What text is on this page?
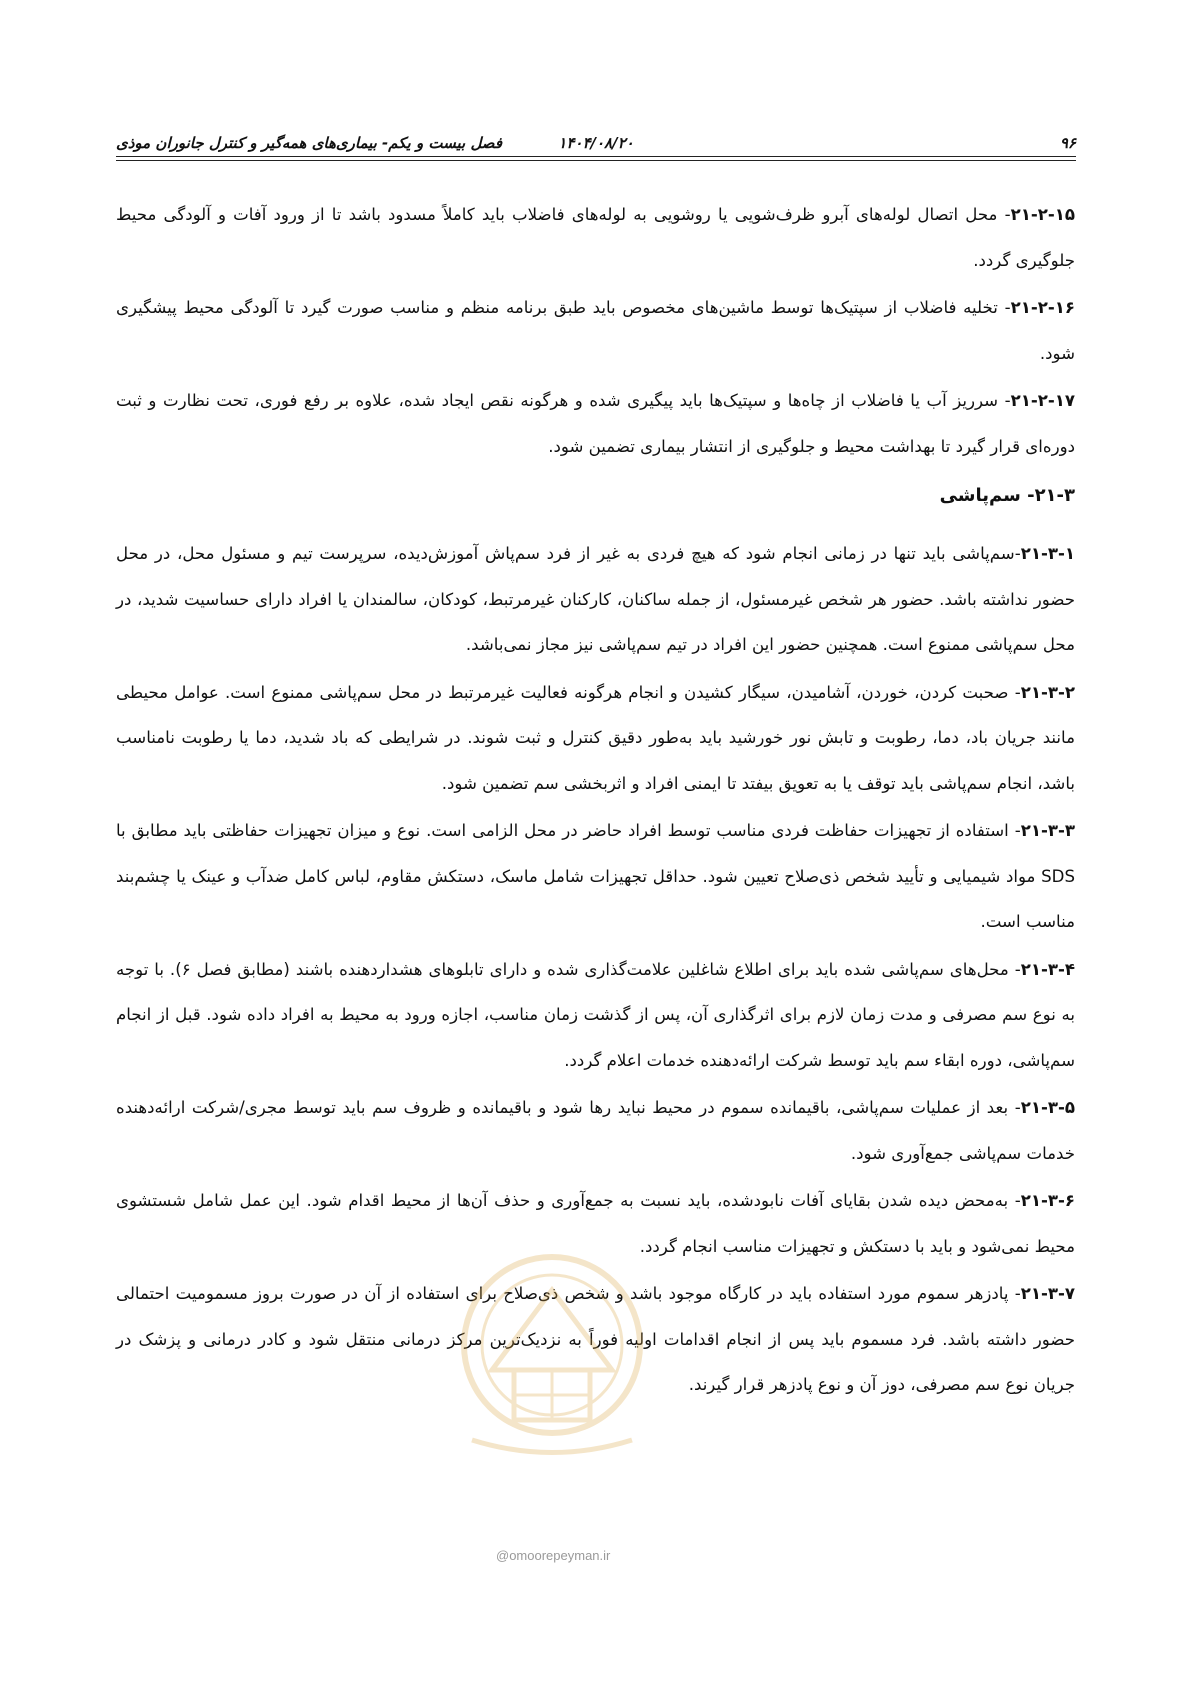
۹۶
۱۴۰۴/۰۸/۲۰
فصل بیست و یکم- بیماری‌های همه‌گیر و کنترل جانوران موذی

۲۱-۲-۱۵- محل اتصال لوله‌های آبرو ظرف‌شویی یا روشویی به لوله‌های فاضلاب باید کاملاً مسدود باشد تا از ورود آفات و آلودگی محیط جلوگیری گردد.

۲۱-۲-۱۶- تخلیه فاضلاب از سپتیک‌ها توسط ماشین‌های مخصوص باید طبق برنامه منظم و مناسب صورت گیرد تا آلودگی محیط پیشگیری شود.

۲۱-۲-۱۷- سرریز آب یا فاضلاب از چاه‌ها و سپتیک‌ها باید پیگیری شده و هرگونه نقص ایجاد شده، علاوه بر رفع فوری، تحت نظارت و ثبت دوره‌ای قرار گیرد تا بهداشت محیط و جلوگیری از انتشار بیماری تضمین شود.

۲۱-۳- سم‌پاشی

۲۱-۳-۱-سم‌پاشی باید تنها در زمانی انجام شود که هیچ فردی به غیر از فرد سم‌پاش آموزش‌دیده، سرپرست تیم و مسئول محل، در محل حضور نداشته باشد. حضور هر شخص غیرمسئول، از جمله ساکنان، کارکنان غیرمرتبط، کودکان، سالمندان یا افراد دارای حساسیت شدید، در محل سم‌پاشی ممنوع است. همچنین حضور این افراد در تیم سم‌پاشی نیز مجاز نمی‌باشد.

۲۱-۳-۲- صحبت کردن، خوردن، آشامیدن، سیگار کشیدن و انجام هرگونه فعالیت غیرمرتبط در محل سم‌پاشی ممنوع است. عوامل محیطی مانند جریان باد، دما، رطوبت و تابش نور خورشید باید به‌طور دقیق کنترل و ثبت شوند. در شرایطی که باد شدید، دما یا رطوبت نامناسب باشد، انجام سم‌پاشی باید توقف یا به تعویق بیفتد تا ایمنی افراد و اثربخشی سم تضمین شود.

۲۱-۳-۳- استفاده از تجهیزات حفاظت فردی مناسب توسط افراد حاضر در محل الزامی است. نوع و میزان تجهیزات حفاظتی باید مطابق با SDS مواد شیمیایی و تأیید شخص ذی‌صلاح تعیین شود. حداقل تجهیزات شامل ماسک، دستکش مقاوم، لباس کامل ضدآب و عینک یا چشم‌بند مناسب است.

۲۱-۳-۴- محل‌های سم‌پاشی شده باید برای اطلاع شاغلین علامت‌گذاری شده و دارای تابلوهای هشداردهنده باشند (مطابق فصل ۶). با توجه به نوع سم مصرفی و مدت زمان لازم برای اثرگذاری آن، پس از گذشت زمان مناسب، اجازه ورود به محیط به افراد داده شود. قبل از انجام سم‌پاشی، دوره ابقاء سم باید توسط شرکت ارائه‌دهنده خدمات اعلام گردد.

۲۱-۳-۵- بعد از عملیات سم‌پاشی، باقیمانده سموم در محیط نباید رها شود و باقیمانده و ظروف سم باید توسط مجری/شرکت ارائه‌دهنده خدمات سم‌پاشی جمع‌آوری شود.

۲۱-۳-۶- به‌محض دیده شدن بقایای آفات نابودشده، باید نسبت به جمع‌آوری و حذف آن‌ها از محیط اقدام شود. این عمل شامل شستشوی محیط نمی‌شود و باید با دستکش و تجهیزات مناسب انجام گردد.

۲۱-۳-۷- پادزهر سموم مورد استفاده باید در کارگاه موجود باشد و شخص ذی‌صلاح برای استفاده از آن در صورت بروز مسمومیت احتمالی حضور داشته باشد. فرد مسموم باید پس از انجام اقدامات اولیه فوراً به نزدیک‌ترین مرکز درمانی منتقل شود و کادر درمانی و پزشک در جریان نوع سم مصرفی، دوز آن و نوع پادزهر قرار گیرند.

@omoorepeyman.ir
